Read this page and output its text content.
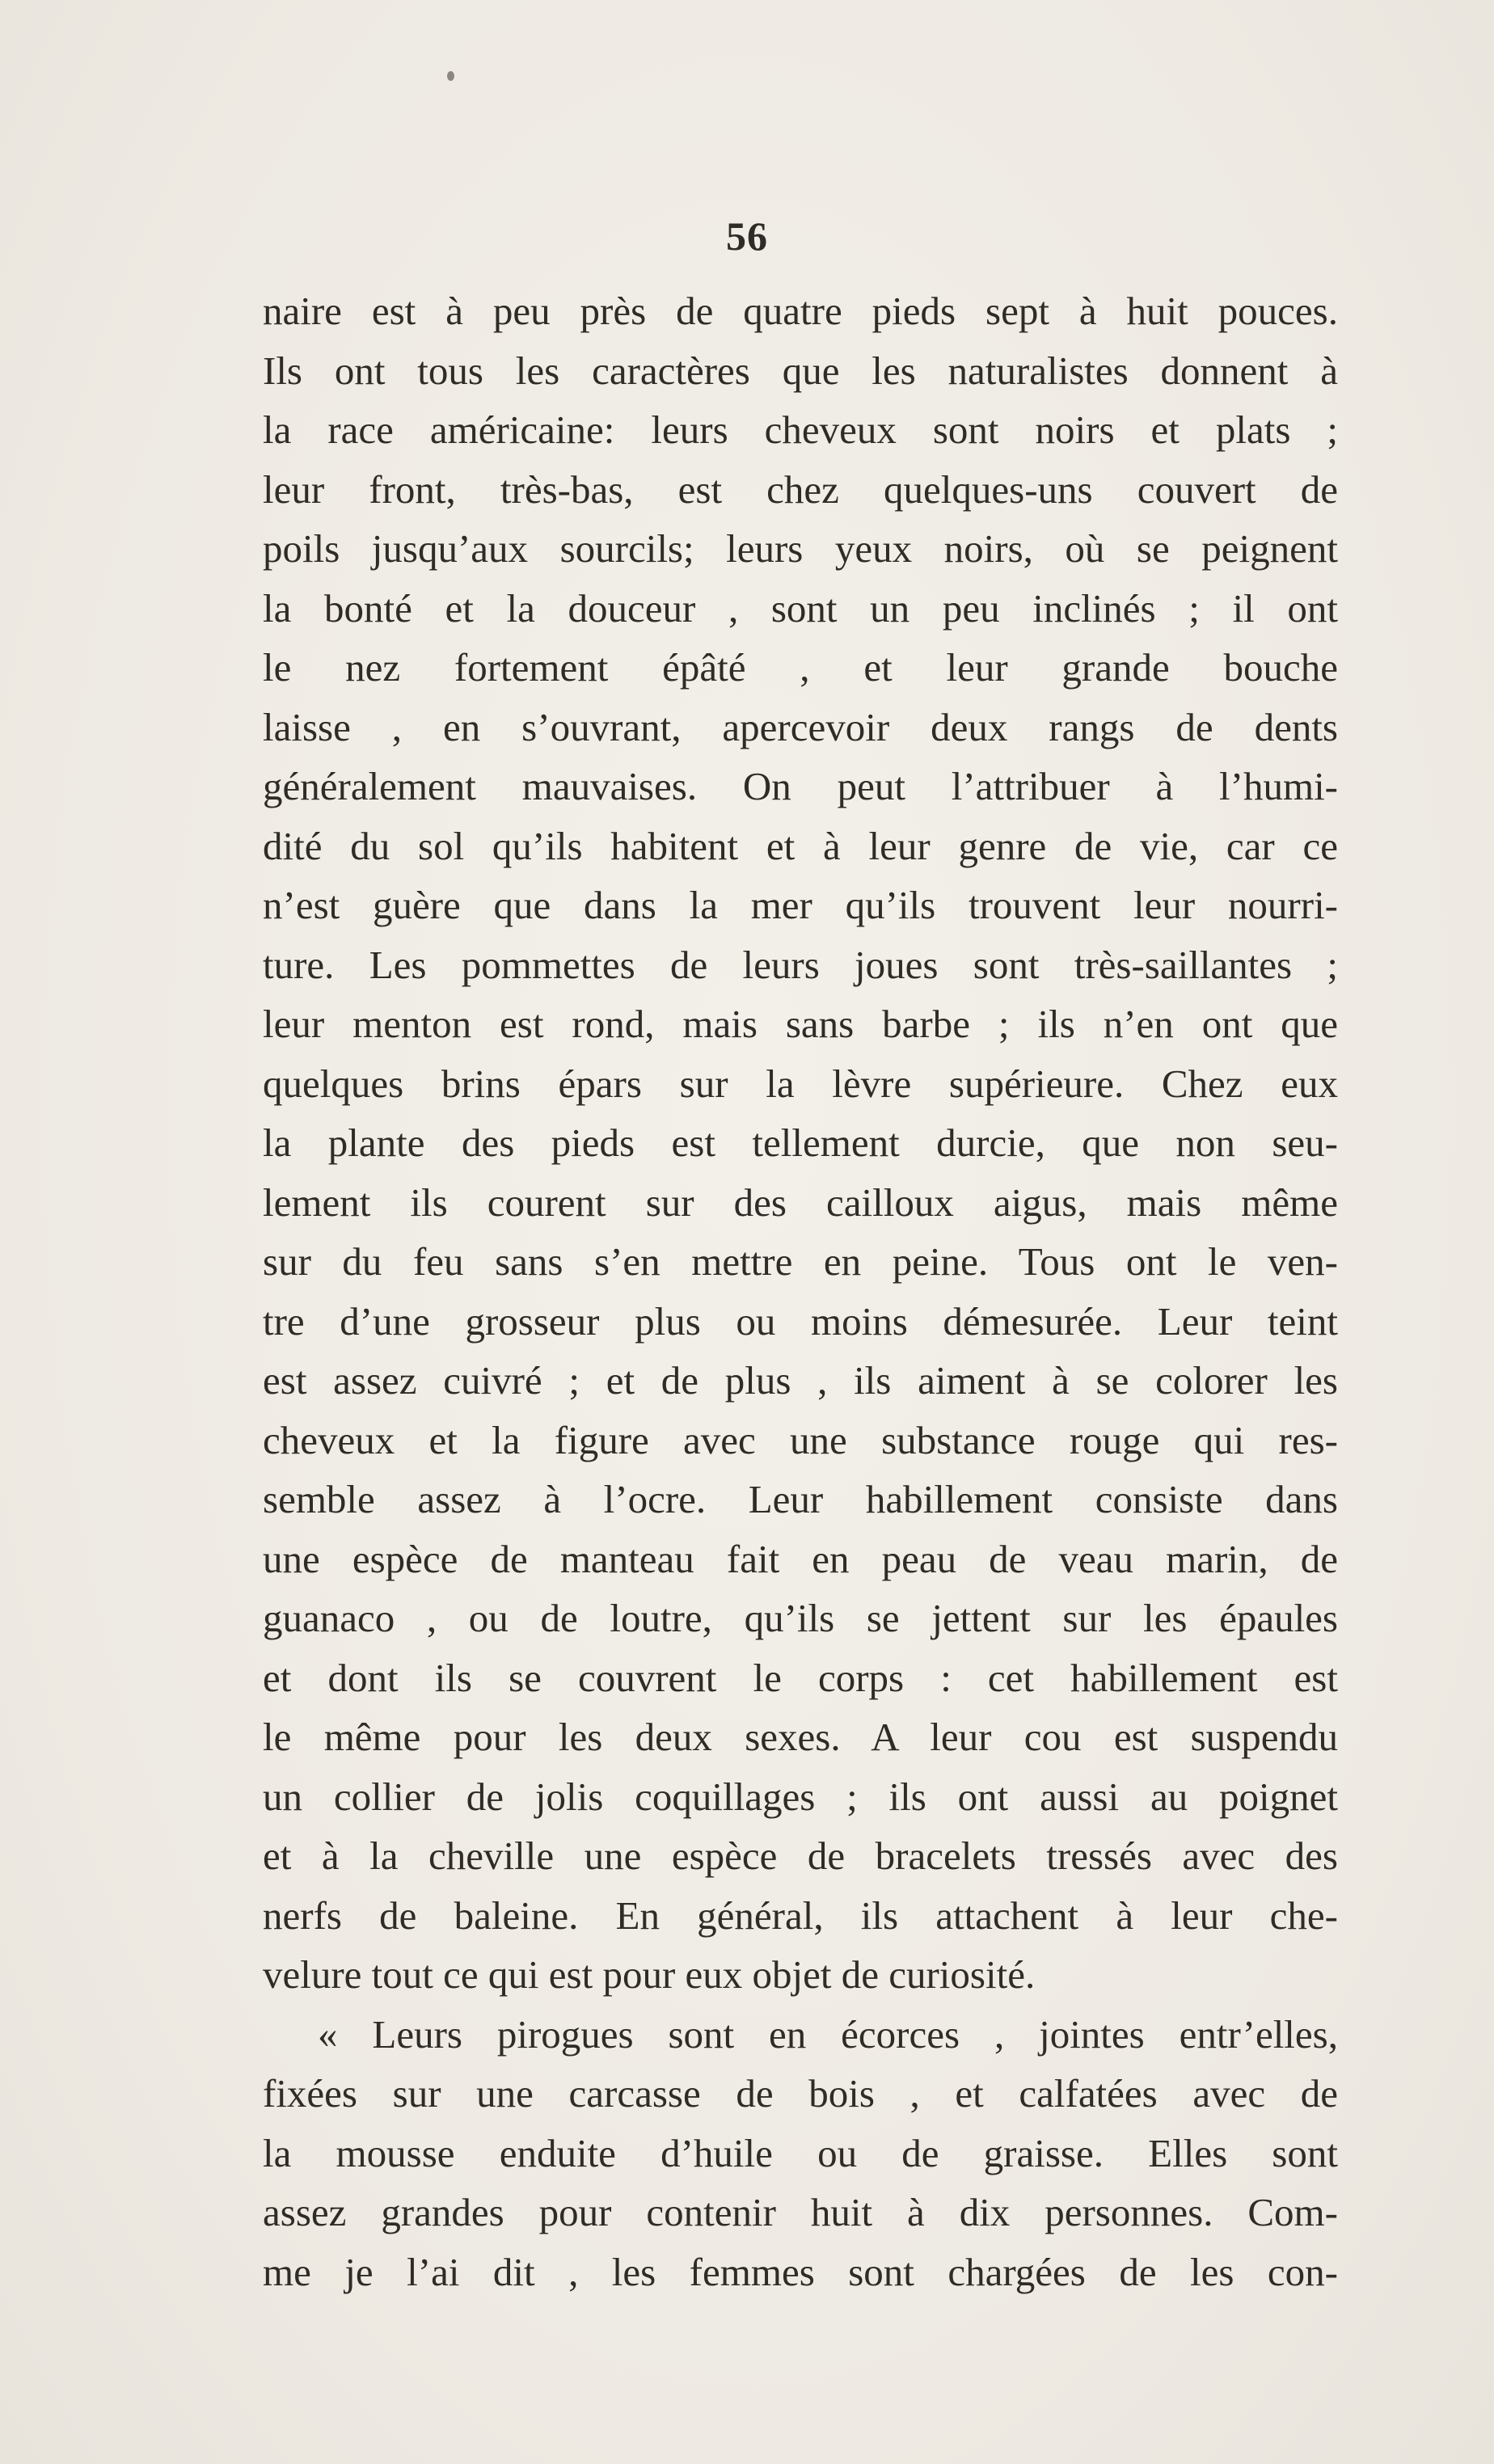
56
naire est à peu près de quatre pieds sept à huit pouces.
Ils ont tous les caractères que les naturalistes donnent à
la race américaine: leurs cheveux sont noirs et plats ;
leur front, très-bas, est chez quelques-uns couvert de
poils jusqu’aux sourcils; leurs yeux noirs, où se peignent
la bonté et la douceur , sont un peu inclinés ; il ont
le nez fortement épâté , et leur grande bouche
laisse , en s’ouvrant, apercevoir deux rangs de dents
généralement mauvaises. On peut l’attribuer à l’humi-
dité du sol qu’ils habitent et à leur genre de vie, car ce
n’est guère que dans la mer qu’ils trouvent leur nourri-
ture. Les pommettes de leurs joues sont très-saillantes ;
leur menton est rond, mais sans barbe ; ils n’en ont que
quelques brins épars sur la lèvre supérieure. Chez eux
la plante des pieds est tellement durcie, que non seu-
lement ils courent sur des cailloux aigus, mais même
sur du feu sans s’en mettre en peine. Tous ont le ven-
tre d’une grosseur plus ou moins démesurée. Leur teint
est assez cuivré ; et de plus , ils aiment à se colorer les
cheveux et la figure avec une substance rouge qui res-
semble assez à l’ocre. Leur habillement consiste dans
une espèce de manteau fait en peau de veau marin, de
guanaco , ou de loutre, qu’ils se jettent sur les épaules
et dont ils se couvrent le corps : cet habillement est
le même pour les deux sexes. A leur cou est suspendu
un collier de jolis coquillages ; ils ont aussi au poignet
et à la cheville une espèce de bracelets tressés avec des
nerfs de baleine. En général, ils attachent à leur che-
velure tout ce qui est pour eux objet de curiosité.
« Leurs pirogues sont en écorces , jointes entr’elles,
fixées sur une carcasse de bois , et calfatées avec de
la mousse enduite d’huile ou de graisse. Elles sont
assez grandes pour contenir huit à dix personnes. Com-
me je l’ai dit , les femmes sont chargées de les con-
